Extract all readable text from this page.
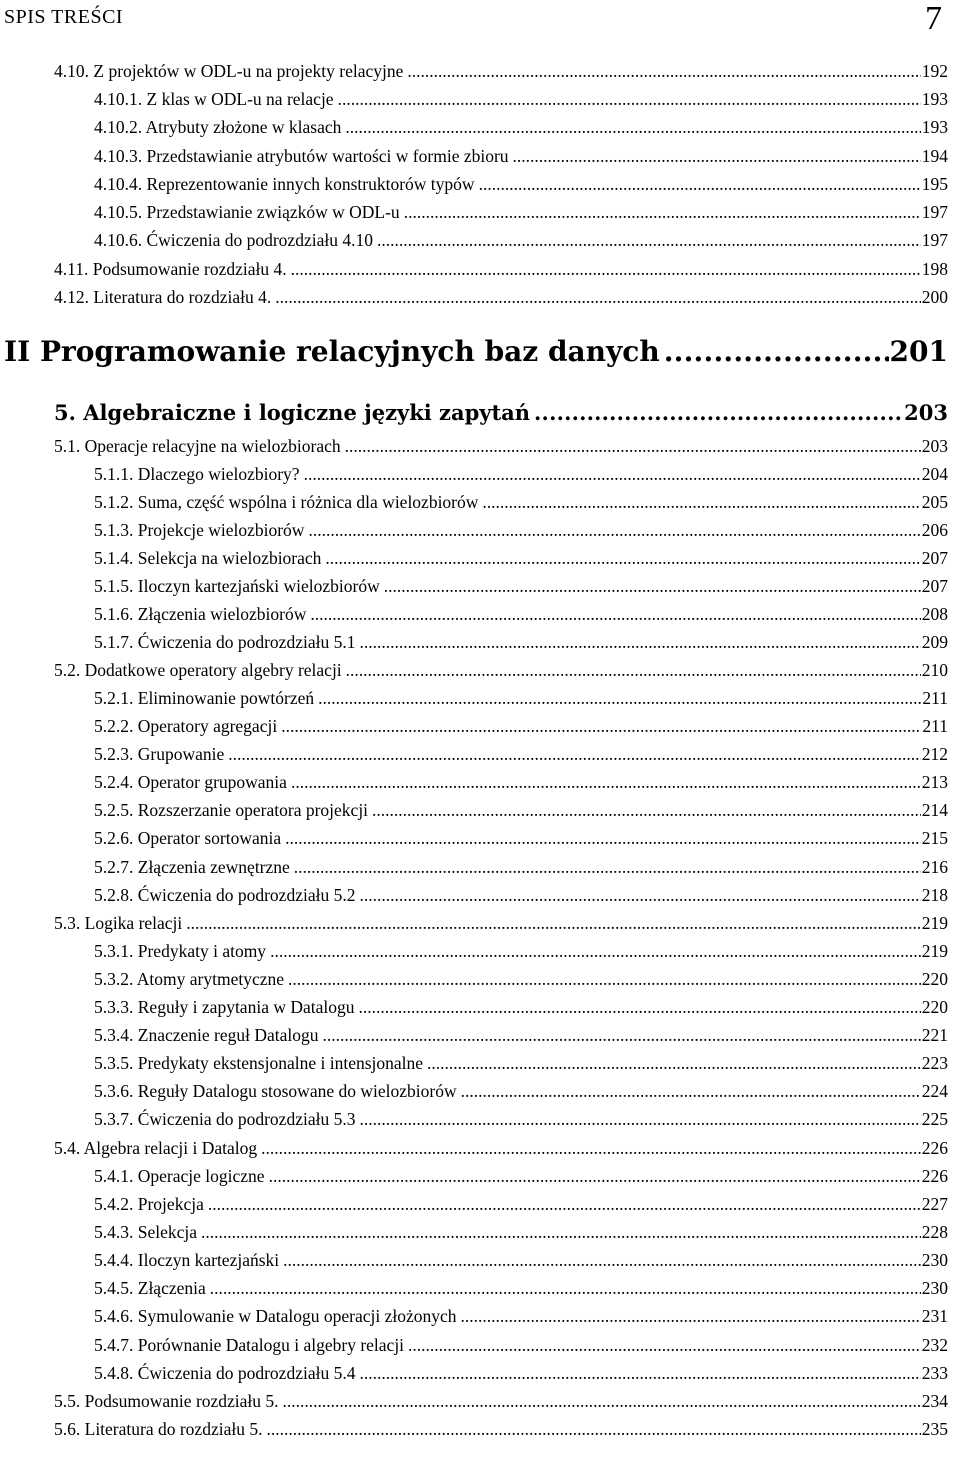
SPIS TREŚCI	7
4.10. Z projektów w ODL-u na projekty relacyjne .....	192
4.10.1. Z klas w ODL-u na relacje .....	193
4.10.2. Atrybuty złożone w klasach .....	193
4.10.3. Przedstawianie atrybutów wartości w formie zbioru .....	194
4.10.4. Reprezentowanie innych konstruktorów typów .....	195
4.10.5. Przedstawianie związków w ODL-u .....	197
4.10.6. Ćwiczenia do podrozdziału 4.10 .....	197
4.11. Podsumowanie rozdziału 4. .....	198
4.12. Literatura do rozdziału 4. .....	200
II Programowanie relacyjnych baz danych .....	201
5. Algebraiczne i logiczne języki zapytań .....	203
5.1. Operacje relacyjne na wielozbiorach .....	203
5.1.1. Dlaczego wielozbiory? .....	204
5.1.2. Suma, część wspólna i różnica dla wielozbiorów .....	205
5.1.3. Projekcje wielozbiorów .....	206
5.1.4. Selekcja na wielozbiorach .....	207
5.1.5. Iloczyn kartezjański wielozbiorów .....	207
5.1.6. Złączenia wielozbiorów .....	208
5.1.7. Ćwiczenia do podrozdziału 5.1 .....	209
5.2. Dodatkowe operatory algebry relacji .....	210
5.2.1. Eliminowanie powtórzeń .....	211
5.2.2. Operatory agregacji .....	211
5.2.3. Grupowanie .....	212
5.2.4. Operator grupowania .....	213
5.2.5. Rozszerzanie operatora projekcji .....	214
5.2.6. Operator sortowania .....	215
5.2.7. Złączenia zewnętrzne .....	216
5.2.8. Ćwiczenia do podrozdziału 5.2 .....	218
5.3. Logika relacji .....	219
5.3.1. Predykaty i atomy .....	219
5.3.2. Atomy arytmetyczne .....	220
5.3.3. Reguły i zapytania w Datalogu .....	220
5.3.4. Znaczenie reguł Datalogu .....	221
5.3.5. Predykaty ekstensjonalne i intensjonalne .....	223
5.3.6. Reguły Datalogu stosowane do wielozbiorów .....	224
5.3.7. Ćwiczenia do podrozdziału 5.3 .....	225
5.4. Algebra relacji i Datalog .....	226
5.4.1. Operacje logiczne .....	226
5.4.2. Projekcja .....	227
5.4.3. Selekcja .....	228
5.4.4. Iloczyn kartezjański .....	230
5.4.5. Złączenia .....	230
5.4.6. Symulowanie w Datalogu operacji złożonych .....	231
5.4.7. Porównanie Datalogu i algebry relacji .....	232
5.4.8. Ćwiczenia do podrozdziału 5.4 .....	233
5.5. Podsumowanie rozdziału 5. .....	234
5.6. Literatura do rozdziału 5. .....	235
